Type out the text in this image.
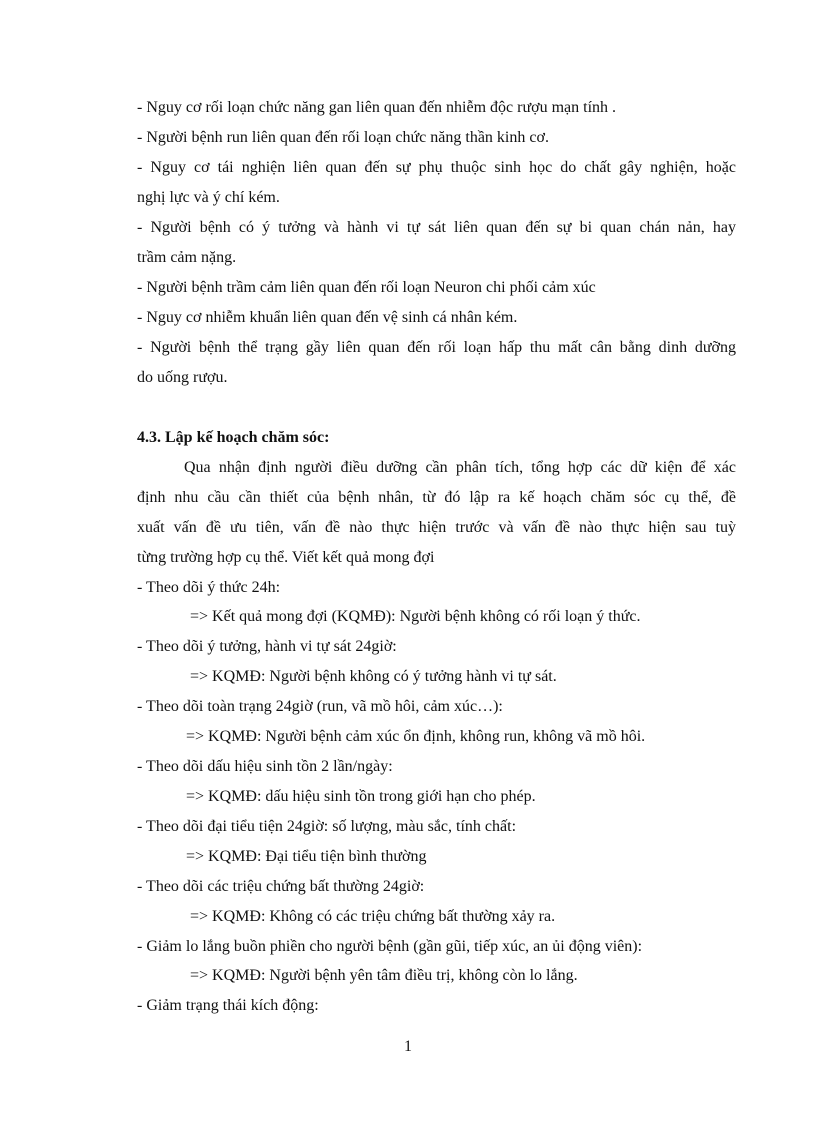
- Nguy cơ rối loạn chức năng gan liên quan đến nhiễm độc rượu mạn tính .
- Người bệnh run liên quan đến rối loạn chức năng thần kinh cơ.
- Nguy cơ tái nghiện liên quan đến sự phụ thuộc sinh học do chất gây nghiện, hoặc
nghị lực và ý chí kém.
- Người bệnh có ý tưởng và hành vi tự sát liên quan đến sự bi quan chán nản, hay
trầm cảm nặng.
- Người bệnh trầm cảm liên quan đến rối loạn Neuron chi phối cảm xúc
- Nguy cơ nhiễm khuẩn liên quan đến vệ sinh cá nhân kém.
- Người bệnh thể trạng gầy liên quan đến rối loạn hấp thu mất cân bằng dinh dưỡng
do uống rượu.
4.3. Lập kế hoạch chăm sóc:
Qua nhận định người điều dưỡng cần phân tích, tổng hợp các dữ kiện để xác
định nhu cầu cần thiết của bệnh nhân, từ đó lập ra kế hoạch chăm sóc cụ thể, đề
xuất vấn đề ưu tiên, vấn đề nào thực hiện trước và vấn đề nào thực hiện sau tuỳ
từng trường hợp cụ thể. Viết kết quả mong đợi
- Theo dõi ý thức 24h:
=> Kết quả mong đợi (KQMĐ): Người bệnh không có rối loạn ý thức.
- Theo dõi ý tưởng, hành vi tự sát 24giờ:
=> KQMĐ: Người bệnh không có ý tưởng hành vi tự sát.
- Theo dõi toàn trạng 24giờ (run, vã mồ hôi, cảm xúc…):
=> KQMĐ: Người bệnh cảm xúc ổn định, không run, không vã mồ hôi.
- Theo dõi dấu hiệu sinh tồn 2 lần/ngày:
=> KQMĐ: dấu hiệu sinh tồn trong giới hạn cho phép.
- Theo dõi đại tiểu tiện 24giờ: số lượng, màu sắc, tính chất:
=> KQMĐ: Đại tiểu tiện bình thường
- Theo dõi các triệu chứng bất thường 24giờ:
=> KQMĐ: Không có các triệu chứng bất thường xảy ra.
- Giảm lo lắng buồn phiền cho người bệnh (gần gũi, tiếp xúc, an ủi động viên):
=> KQMĐ: Người bệnh yên tâm điều trị, không còn lo lắng.
- Giảm trạng thái kích động:
1
